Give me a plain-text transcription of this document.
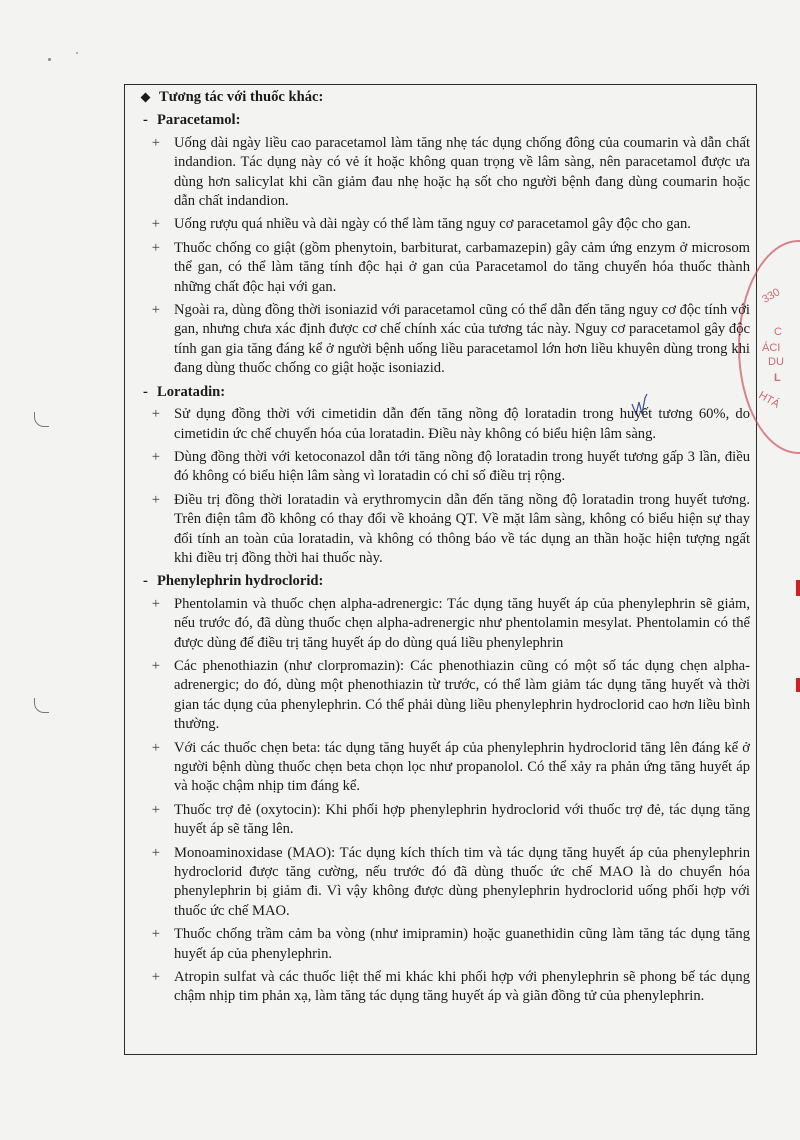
330
C
ÁCI
DU
L
HTÁ
Tương tác với thuốc khác:
- Paracetamol:
+ Uống dài ngày liều cao paracetamol làm tăng nhẹ tác dụng chống đông của coumarin và dẫn chất indandion. Tác dụng này có vẻ ít hoặc không quan trọng về lâm sàng, nên paracetamol được ưa dùng hơn salicylat khi cần giảm đau nhẹ hoặc hạ sốt cho người bệnh đang dùng coumarin hoặc dẫn chất indandion.
+ Uống rượu quá nhiều và dài ngày có thể làm tăng nguy cơ paracetamol gây độc cho gan.
+ Thuốc chống co giật (gồm phenytoin, barbiturat, carbamazepin) gây cảm ứng enzym ở microsom thể gan, có thể làm tăng tính độc hại ở gan của Paracetamol do tăng chuyển hóa thuốc thành những chất độc hại với gan.
+ Ngoài ra, dùng đồng thời isoniazid với paracetamol cũng có thể dẫn đến tăng nguy cơ độc tính với gan, nhưng chưa xác định được cơ chế chính xác của tương tác này. Nguy cơ paracetamol gây độc tính gan gia tăng đáng kể ở người bệnh uống liều paracetamol lớn hơn liều khuyên dùng trong khi đang dùng thuốc chống co giật hoặc isoniazid.
- Loratadin:
+ Sử dụng đồng thời với cimetidin dẫn đến tăng nồng độ loratadin trong huyết tương 60%, do cimetidin ức chế chuyển hóa của loratadin. Điều này không có biểu hiện lâm sàng.
+ Dùng đồng thời với ketoconazol dẫn tới tăng nồng độ loratadin trong huyết tương gấp 3 lần, điều đó không có biểu hiện lâm sàng vì loratadin có chỉ số điều trị rộng.
+ Điều trị đồng thời loratadin và erythromycin dẫn đến tăng nồng độ loratadin trong huyết tương. Trên điện tâm đồ không có thay đổi về khoảng QT. Về mặt lâm sàng, không có biểu hiện sự thay đổi tính an toàn của loratadin, và không có thông báo về tác dụng an thần hoặc hiện tượng ngất khi điều trị đồng thời hai thuốc này.
- Phenylephrin hydroclorid:
+ Phentolamin và thuốc chẹn alpha-adrenergic: Tác dụng tăng huyết áp của phenylephrin sẽ giảm, nếu trước đó, đã dùng thuốc chẹn alpha-adrenergic như phentolamin mesylat. Phentolamin có thể được dùng để điều trị tăng huyết áp do dùng quá liều phenylephrin
+ Các phenothiazin (như clorpromazin): Các phenothiazin cũng có một số tác dụng chẹn alpha-adrenergic; do đó, dùng một phenothiazin từ trước, có thể làm giảm tác dụng tăng huyết và thời gian tác dụng của phenylephrin. Có thể phải dùng liều phenylephrin hydroclorid cao hơn liều bình thường.
+ Với các thuốc chẹn beta: tác dụng tăng huyết áp của phenylephrin hydroclorid tăng lên đáng kể ở người bệnh dùng thuốc chẹn beta chọn lọc như propanolol. Có thể xảy ra phản ứng tăng huyết áp và hoặc chậm nhịp tim đáng kể.
+ Thuốc trợ đẻ (oxytocin): Khi phối hợp phenylephrin hydroclorid với thuốc trợ đẻ, tác dụng tăng huyết áp sẽ tăng lên.
+ Monoaminoxidase (MAO): Tác dụng kích thích tim và tác dụng tăng huyết áp của phenylephrin hydroclorid được tăng cường, nếu trước đó đã dùng thuốc ức chế MAO là do chuyển hóa phenylephrin bị giảm đi. Vì vậy không được dùng phenylephrin hydroclorid uống phối hợp với thuốc ức chế MAO.
+ Thuốc chống trầm cảm ba vòng (như imipramin) hoặc guanethidin cũng làm tăng tác dụng tăng huyết áp của phenylephrin.
+ Atropin sulfat và các thuốc liệt thể mi khác khi phối hợp với phenylephrin sẽ phong bế tác dụng chậm nhịp tim phản xạ, làm tăng tác dụng tăng huyết áp và giãn đồng tử của phenylephrin.
